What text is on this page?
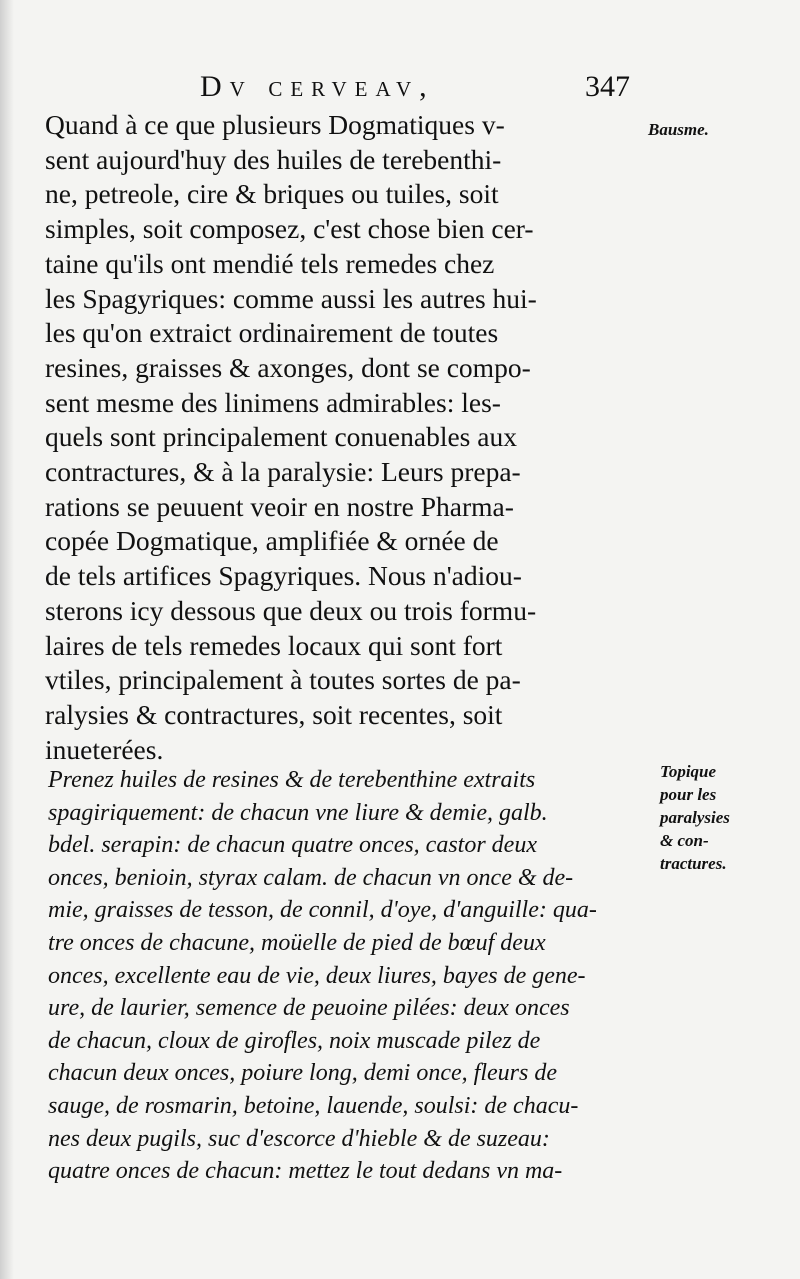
Dv cervеav,	347
Quand à ce que plusieurs Dogmatiques v-
sent aujourd'huy des huiles de terebenthi-
ne, petreole, cire & briques ou tuiles, soit
simples, soit composez, c'est chose bien cer-
taine qu'ils ont mendié tels remedes chez
les Spagyriques: comme aussi les autres hui-
les qu'on extraict ordinairement de toutes
resines, graisses & axonges, dont se compo-
sent mesme des linimens admirables: les-
quels sont principalement conuenables aux
contractures, & à la paralysie: Leurs prepa-
rations se peuuent veoir en nostre Pharma-
copée Dogmatique, amplifiée & ornée de
de tels artifices Spagyriques. Nous n'adiou-
sterons icy dessous que deux ou trois formu-
laires de tels remedes locaux qui sont fort
vtiles, principalement à toutes sortes de pa-
ralysies & contractures, soit recentes, soit
inueterées.
Prenez huiles de resines & de terebenthine extraits
spagiriquement: de chacun vne liure & demie, galb.
bdel. serapin: de chacun quatre onces, castor deux
onces, benioin, styrax calam. de chacun vn once & de-
mie, graisses de tesson, de connil, d'oye, d'anguille: qua-
tre onces de chacune, moüelle de pied de bœuf deux
onces, excellente eau de vie, deux liures, bayes de gene-
ure, de laurier, semence de peuoine pilées: deux onces
de chacun, cloux de girofles, noix muscade pilez de
chacun deux onces, poiure long, demi once, fleurs de
sauge, de rosmarin, betoine, lauende, soulsi: de chacu-
nes deux pugils, suc d'escorce d'hieble & de suzeau:
quatre onces de chacun: mettez le tout dedans vn ma-
Bausme.
Topique
pour les
paralysies
& con-
tractures.
